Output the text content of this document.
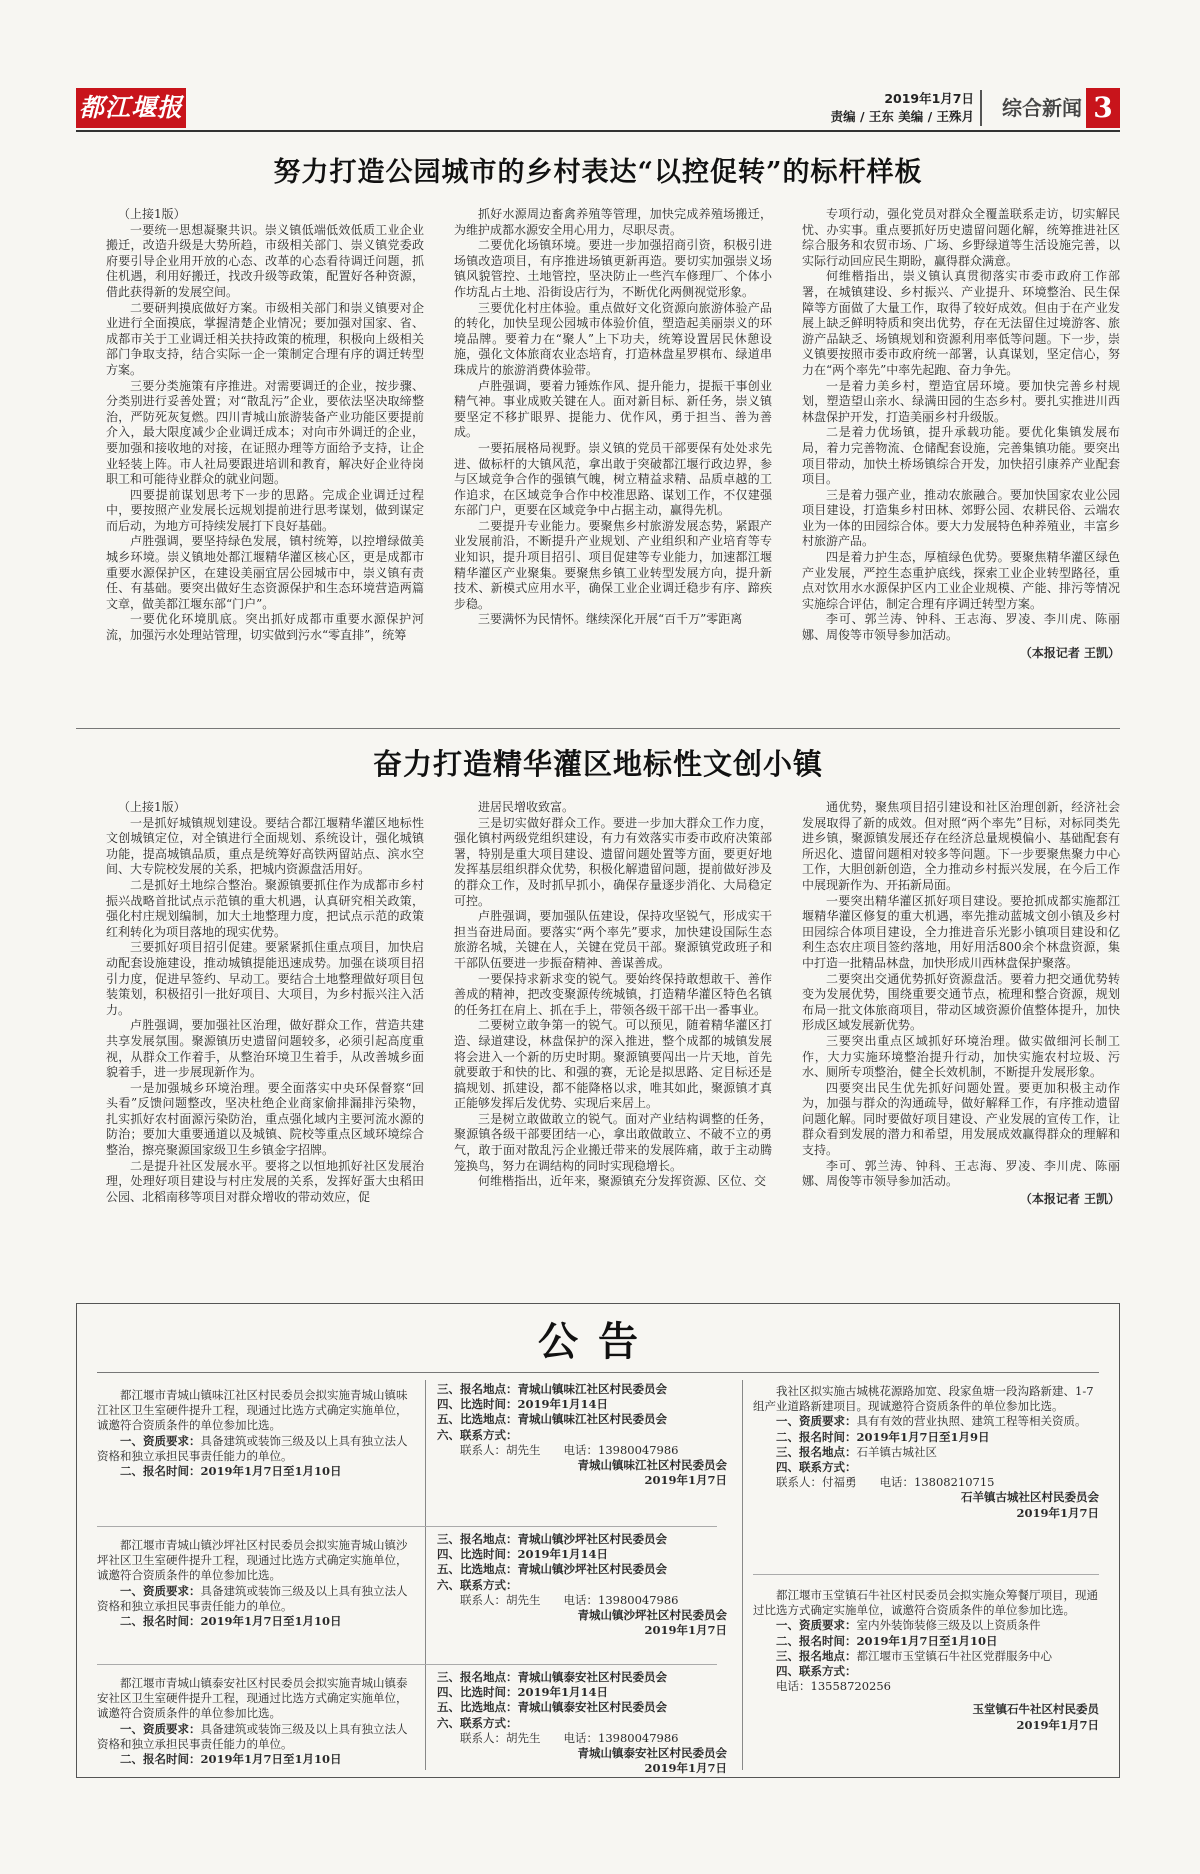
都江堰报	2019年1月7日
责编 / 王东 美编 / 王殊月 综合新闻 3
努力打造公园城市的乡村表达“以控促转”的标杆样板

（上接1版）

一要统一思想凝聚共识。崇义镇低端低效低质工业企业搬迁，改造升级是大势所趋，市级相关部门、崇义镇党委政府要引导企业用开放的心态、改革的心态看待调迁问题，抓住机遇，利用好搬迁，找改升级等政策，配置好各种资源，借此获得新的发展空间。

二要研判摸底做好方案。市级相关部门和崇义镇要对企业进行全面摸底，掌握清楚企业情况；要加强对国家、省、成都市关于工业调迁相关扶持政策的梳理，积极向上级相关部门争取支持，结合实际一企一策制定合理有序的调迁转型方案。

三要分类施策有序推进。对需要调迁的企业，按步骤、分类别进行妥善处置；对“散乱污”企业，要依法坚决取缔整治，严防死灰复燃。四川青城山旅游装备产业功能区要提前介入，最大限度减少企业调迁成本；对向市外调迁的企业，要加强和接收地的对接，在证照办理等方面给予支持，让企业轻装上阵。市人社局要跟进培训和教育，解决好企业待岗职工和可能待业群众的就业问题。

四要提前谋划思考下一步的思路。完成企业调迁过程中，要按照产业发展长远规划提前进行思考谋划，做到谋定而后动，为地方可持续发展打下良好基础。

卢胜强调，要坚持绿色发展，镇村统筹，以控增绿做美城乡环境。崇义镇地处都江堰精华灌区核心区，更是成都市重要水源保护区，在建设美丽宜居公园城市中，崇义镇有责任、有基础。要突出做好生态资源保护和生态环境营造两篇文章，做美都江堰东部“门户”。

一要优化环境肌底。突出抓好成都市重要水源保护河流，加强污水处理站管理，切实做到污水“零直排”，统筹

抓好水源周边畜禽养殖等管理，加快完成养殖场搬迁，为维护成都水源安全用心用力，尽职尽责。

二要优化场镇环境。要进一步加强招商引资，积极引进场镇改造项目，有序推进场镇更新再造。要切实加强崇义场镇风貌管控、土地管控，坚决防止一些汽车修理厂、个体小作坊乱占土地、沿街设店行为，不断优化两侧视觉形象。

三要优化村庄体验。重点做好文化资源向旅游体验产品的转化，加快呈现公园城市体验价值，塑造起美丽崇义的环境品牌。要着力在“聚人”上下功夫，统筹设置居民休憩设施，强化文体旅商农业态培育，打造林盘星罗棋布、绿道串珠成片的旅游消费体验带。

卢胜强调，要着力锤炼作风、提升能力，提振干事创业精气神。事业成败关键在人。面对新目标、新任务，崇义镇要坚定不移扩眼界、提能力、优作风，勇于担当、善为善成。

一要拓展格局视野。崇义镇的党员干部要保有处处求先进、做标杆的大镇风范，拿出敢于突破都江堰行政边界，参与区域竞争合作的强镇气魄，树立精益求精、品质卓越的工作追求，在区域竞争合作中校准思路、谋划工作，不仅建强东部门户，更要在区域竞争中占据主动，赢得先机。

二要提升专业能力。要聚焦乡村旅游发展态势，紧跟产业发展前沿，不断提升产业规划、产业组织和产业培育等专业知识，提升项目招引、项目促建等专业能力，加速都江堰精华灌区产业聚集。要聚焦乡镇工业转型发展方向，提升新技术、新模式应用水平，确保工业企业调迁稳步有序、蹄疾步稳。

三要满怀为民情怀。继续深化开展“百千万”零距离

专项行动，强化党员对群众全覆盖联系走访，切实解民忧、办实事。重点要抓好历史遗留问题化解，统筹推进社区综合服务和农贸市场、广场、乡野绿道等生活设施完善，以实际行动回应民生期盼，赢得群众满意。

何维楷指出，崇义镇认真贯彻落实市委市政府工作部署，在城镇建设、乡村振兴、产业提升、环境整治、民生保障等方面做了大量工作，取得了较好成效。但由于在产业发展上缺乏鲜明特质和突出优势，存在无法留住过境游客、旅游产品缺乏、场镇规划和资源利用率低等问题。下一步，崇义镇要按照市委市政府统一部署，认真谋划，坚定信心，努力在“两个率先”中率先起跑、奋力争先。

一是着力美乡村，塑造宜居环境。要加快完善乡村规划，塑造望山亲水、绿满田园的生态乡村。要扎实推进川西林盘保护开发，打造美丽乡村升级版。

二是着力优场镇，提升承载功能。要优化集镇发展布局，着力完善物流、仓储配套设施，完善集镇功能。要突出项目带动，加快土桥场镇综合开发，加快招引康养产业配套项目。

三是着力强产业，推动农旅融合。要加快国家农业公园项目建设，打造集乡村田林、郊野公园、农耕民俗、云端农业为一体的田园综合体。要大力发展特色种养殖业，丰富乡村旅游产品。

四是着力护生态，厚植绿色优势。要聚焦精华灌区绿色产业发展，严控生态重护底线，探索工业企业转型路径，重点对饮用水水源保护区内工业企业规模、产能、排污等情况实施综合评估，制定合理有序调迁转型方案。

李可、郭兰涛、钟科、王志海、罗凌、李川虎、陈丽娜、周俊等市领导参加活动。

（本报记者 王凯）

奋力打造精华灌区地标性文创小镇

（上接1版）

一是抓好城镇规划建设。要结合都江堰精华灌区地标性文创城镇定位，对全镇进行全面规划、系统设计，强化城镇功能，提高城镇品质，重点是统筹好高铁两留站点、滨水空间、大专院校发展的关系，把城内资源盘活用好。

二是抓好土地综合整治。聚源镇要抓住作为成都市乡村振兴战略首批试点示范镇的重大机遇，认真研究相关政策，强化村庄规划编制，加大土地整理力度，把试点示范的政策红利转化为项目落地的现实优势。

三要抓好项目招引促建。要紧紧抓住重点项目，加快启动配套设施建设，推动城镇提能迅速成势。加强在谈项目招引力度，促进早签约、早动工。要结合土地整理做好项目包装策划，积极招引一批好项目、大项目，为乡村振兴注入活力。

卢胜强调，要加强社区治理，做好群众工作，营造共建共享发展氛围。聚源镇历史遗留问题较多，必须引起高度重视，从群众工作着手，从整治环境卫生着手，从改善城乡面貌着手，进一步展现新作为。

一是加强城乡环境治理。要全面落实中央环保督察“回头看”反馈问题整改，坚决杜绝企业商家偷排漏排污染物，扎实抓好农村面源污染防治，重点强化域内主要河流水源的防治；要加大重要通道以及城镇、院校等重点区域环境综合整治，擦亮聚源国家级卫生乡镇金字招牌。

二是提升社区发展水平。要将之以恒地抓好社区发展治理，处理好项目建设与村庄发展的关系，发挥好蛋大虫稻田公园、北稻南移等项目对群众增收的带动效应，促

进居民增收致富。

三是切实做好群众工作。要进一步加大群众工作力度，强化镇村两级党组织建设，有力有效落实市委市政府决策部署，特别是重大项目建设、遗留问题处置等方面，要更好地发挥基层组织群众优势，积极化解遗留问题，提前做好涉及的群众工作，及时抓早抓小，确保存量逐步消化、大局稳定可控。

卢胜强调，要加强队伍建设，保持攻坚锐气，形成实干担当奋进局面。要落实“两个率先”要求，加快建设国际生态旅游名城，关键在人，关键在党员干部。聚源镇党政班子和干部队伍要进一步振奋精神、善谋善成。

一要保持求新求变的锐气。要始终保持敢想敢干、善作善成的精神，把改变聚源传统城镇，打造精华灌区特色名镇的任务扛在肩上、抓在手上，带领各级干部干出一番事业。

二要树立敢争第一的锐气。可以预见，随着精华灌区打造、绿道建设，林盘保护的深入推进，整个成都的城镇发展将会进入一个新的历史时期。聚源镇要闯出一片天地，首先就要敢于和快的比、和强的赛，无论是拟思路、定目标还是搞规划、抓建设，都不能降格以求，唯其如此，聚源镇才真正能够发挥后发优势、实现后来居上。

三是树立敢做敢立的锐气。面对产业结构调整的任务，聚源镇各级干部要团结一心，拿出敢做敢立、不破不立的勇气，敢于面对散乱污企业搬迁带来的发展阵痛，敢于主动腾笼换鸟，努力在调结构的同时实现稳增长。

何维楷指出，近年来，聚源镇充分发挥资源、区位、交

通优势，聚焦项目招引建设和社区治理创新，经济社会发展取得了新的成效。但对照“两个率先”目标，对标同类先进乡镇，聚源镇发展还存在经济总量规模偏小、基础配套有所迟化、遗留问题相对较多等问题。下一步要聚焦聚力中心工作，大胆创新创造，全力推动乡村振兴发展，在今后工作中展现新作为、开拓新局面。

一要突出精华灌区抓好项目建设。要抢抓成都实施都江堰精华灌区修复的重大机遇，率先推动蓝城文创小镇及乡村田园综合体项目建设，全力推进音乐光影小镇项目建设和亿利生态农庄项目签约落地，用好用活800余个林盘资源，集中打造一批精品林盘，加快形成川西林盘保护聚落。

二要突出交通优势抓好资源盘活。要着力把交通优势转变为发展优势，围绕重要交通节点，梳理和整合资源，规划布局一批文体旅商项目，带动区域资源价值整体提升，加快形成区域发展新优势。

三要突出重点区域抓好环境治理。做实做细河长制工作，大力实施环境整治提升行动，加快实施农村垃圾、污水、厕所专项整治，健全长效机制，不断提升发展形象。

四要突出民生优先抓好问题处置。要更加积极主动作为，加强与群众的沟通疏导，做好解释工作，有序推动遗留问题化解。同时要做好项目建设、产业发展的宣传工作，让群众看到发展的潜力和希望，用发展成效赢得群众的理解和支持。

李可、郭兰涛、钟科、王志海、罗凌、李川虎、陈丽娜、周俊等市领导参加活动。

（本报记者 王凯）

公告

我社区拟实施古城桃花源路加宽、段家鱼塘一段沟路新建、1-7组产业道路新建项目。现诚邀符合资质条件的单位参加比选。

一、资质要求：具有有效的营业执照、建筑工程等相关资质。

二、报名时间：2019年1月7日至1月9日

三、报名地点：石羊镇古城社区

四、联系方式：

联系人：付福勇　　电话：13808210715

石羊镇古城社区村民委员会

2019年1月7日

都江堰市玉堂镇石牛社区村民委员会拟实施众筹餐厅项目，现通过比选方式确定实施单位，诚邀符合资质条件的单位参加比选。

一、资质要求：室内外装饰装修三级及以上资质条件

二、报名时间：2019年1月7日至1月10日

三、报名地点：都江堰市玉堂镇石牛社区党群服务中心

四、联系方式：

电话：13558720256

玉堂镇石牛社区村民委员

2019年1月7日

都江堰市青城山镇味江社区村民委员会拟实施青城山镇味江社区卫生室硬件提升工程，现通过比选方式确定实施单位，诚邀符合资质条件的单位参加比选。

一、资质要求：具备建筑或装饰三级及以上具有独立法人资格和独立承担民事责任能力的单位。

二、报名时间：2019年1月7日至1月10日

三、报名地点：青城山镇味江社区村民委员会

四、比选时间：2019年1月14日

五、比选地点：青城山镇味江社区村民委员会

六、联系方式：

联系人：胡先生　　电话：13980047986

青城山镇味江社区村民委员会

2019年1月7日

都江堰市青城山镇沙坪社区村民委员会拟实施青城山镇沙坪社区卫生室硬件提升工程，现通过比选方式确定实施单位，诚邀符合资质条件的单位参加比选。

一、资质要求：具备建筑或装饰三级及以上具有独立法人资格和独立承担民事责任能力的单位。

二、报名时间：2019年1月7日至1月10日

三、报名地点：青城山镇沙坪社区村民委员会

四、比选时间：2019年1月14日

五、比选地点：青城山镇沙坪社区村民委员会

六、联系方式：

联系人：胡先生　　电话：13980047986

青城山镇沙坪社区村民委员会

2019年1月7日

都江堰市青城山镇泰安社区村民委员会拟实施青城山镇泰安社区卫生室硬件提升工程，现通过比选方式确定实施单位，诚邀符合资质条件的单位参加比选。

一、资质要求：具备建筑或装饰三级及以上具有独立法人资格和独立承担民事责任能力的单位。

二、报名时间：2019年1月7日至1月10日

三、报名地点：青城山镇泰安社区村民委员会

四、比选时间：2019年1月14日

五、比选地点：青城山镇泰安社区村民委员会

六、联系方式：

联系人：胡先生　　电话：13980047986

青城山镇泰安社区村民委员会

2019年1月7日
